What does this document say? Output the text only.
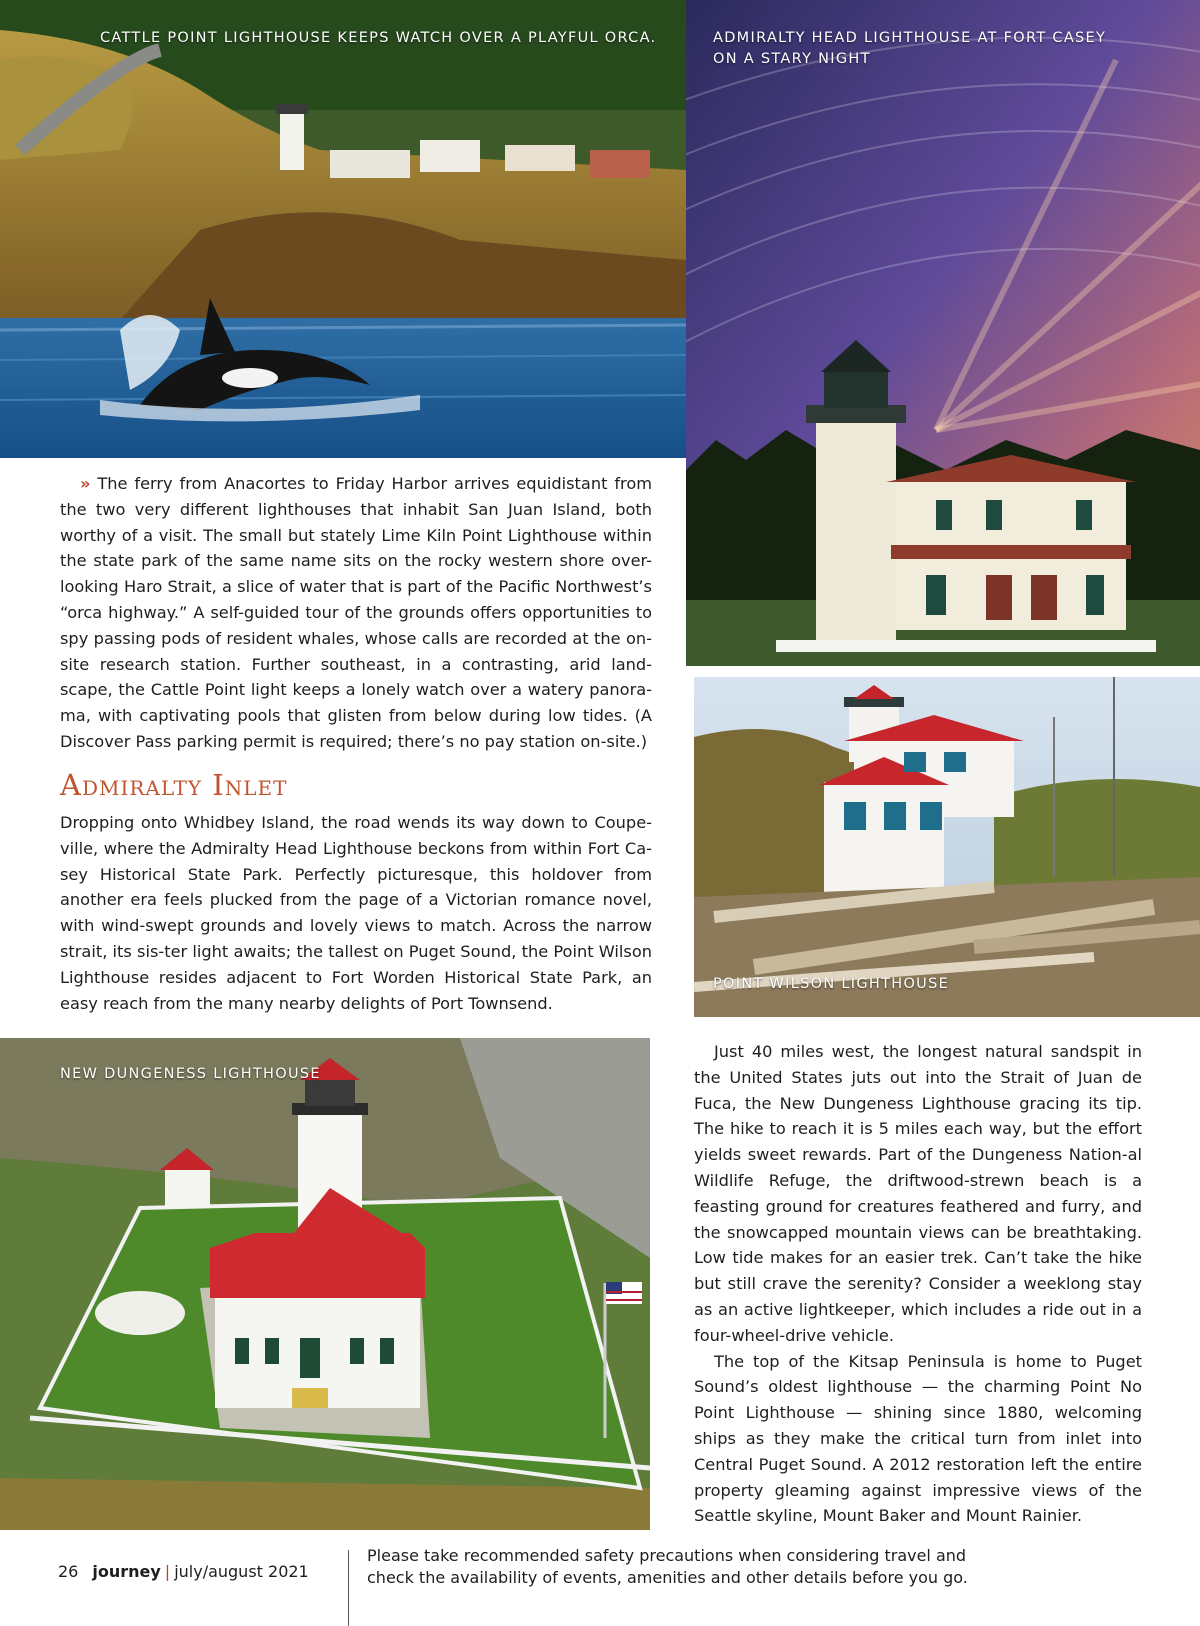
CATTLE POINT LIGHTHOUSE KEEPS WATCH OVER A PLAYFUL ORCA.	ADMIRALTY HEAD LIGHTHOUSE AT FORT CASEY
ON A STARY NIGHT
POINT WILSON LIGHTHOUSE
NEW DUNGENESS LIGHTHOUSE

» The ferry from Anacortes to Friday Harbor arrives equidistant from the two very different lighthouses that inhabit San Juan Island, both worthy of a visit. The small but stately Lime Kiln Point Lighthouse within the state park of the same name sits on the rocky western shore over-looking Haro Strait, a slice of water that is part of the Pacific Northwest’s “orca highway.” A self-guided tour of the grounds offers opportunities to spy passing pods of resident whales, whose calls are recorded at the on-site research station. Further southeast, in a contrasting, arid land-scape, the Cattle Point light keeps a lonely watch over a watery panora-ma, with captivating pools that glisten from below during low tides. (A Discover Pass parking permit is required; there’s no pay station on-site.)

Admiralty Inlet

Dropping onto Whidbey Island, the road wends its way down to Coupe-ville, where the Admiralty Head Lighthouse beckons from within Fort Ca-sey Historical State Park. Perfectly picturesque, this holdover from another era feels plucked from the page of a Victorian romance novel, with wind-swept grounds and lovely views to match. Across the narrow strait, its sis-ter light awaits; the tallest on Puget Sound, the Point Wilson Lighthouse resides adjacent to Fort Worden Historical State Park, an easy reach from the many nearby delights of Port Townsend.

Just 40 miles west, the longest natural sandspit in the United States juts out into the Strait of Juan de Fuca, the New Dungeness Lighthouse gracing its tip. The hike to reach it is 5 miles each way, but the effort yields sweet rewards. Part of the Dungeness Nation-al Wildlife Refuge, the driftwood-strewn beach is a feasting ground for creatures feathered and furry, and the snowcapped mountain views can be breathtaking. Low tide makes for an easier trek. Can’t take the hike but still crave the serenity? Consider a weeklong stay as an active lightkeeper, which includes a ride out in a four-wheel-drive vehicle.

The top of the Kitsap Peninsula is home to Puget Sound’s oldest lighthouse — the charming Point No Point Lighthouse — shining since 1880, welcoming ships as they make the critical turn from inlet into Central Puget Sound. A 2012 restoration left the entire property gleaming against impressive views of the Seattle skyline, Mount Baker and Mount Rainier.

26 journey | july/august 2021
Please take recommended safety precautions when considering travel and check the availability of events, amenities and other details before you go.
